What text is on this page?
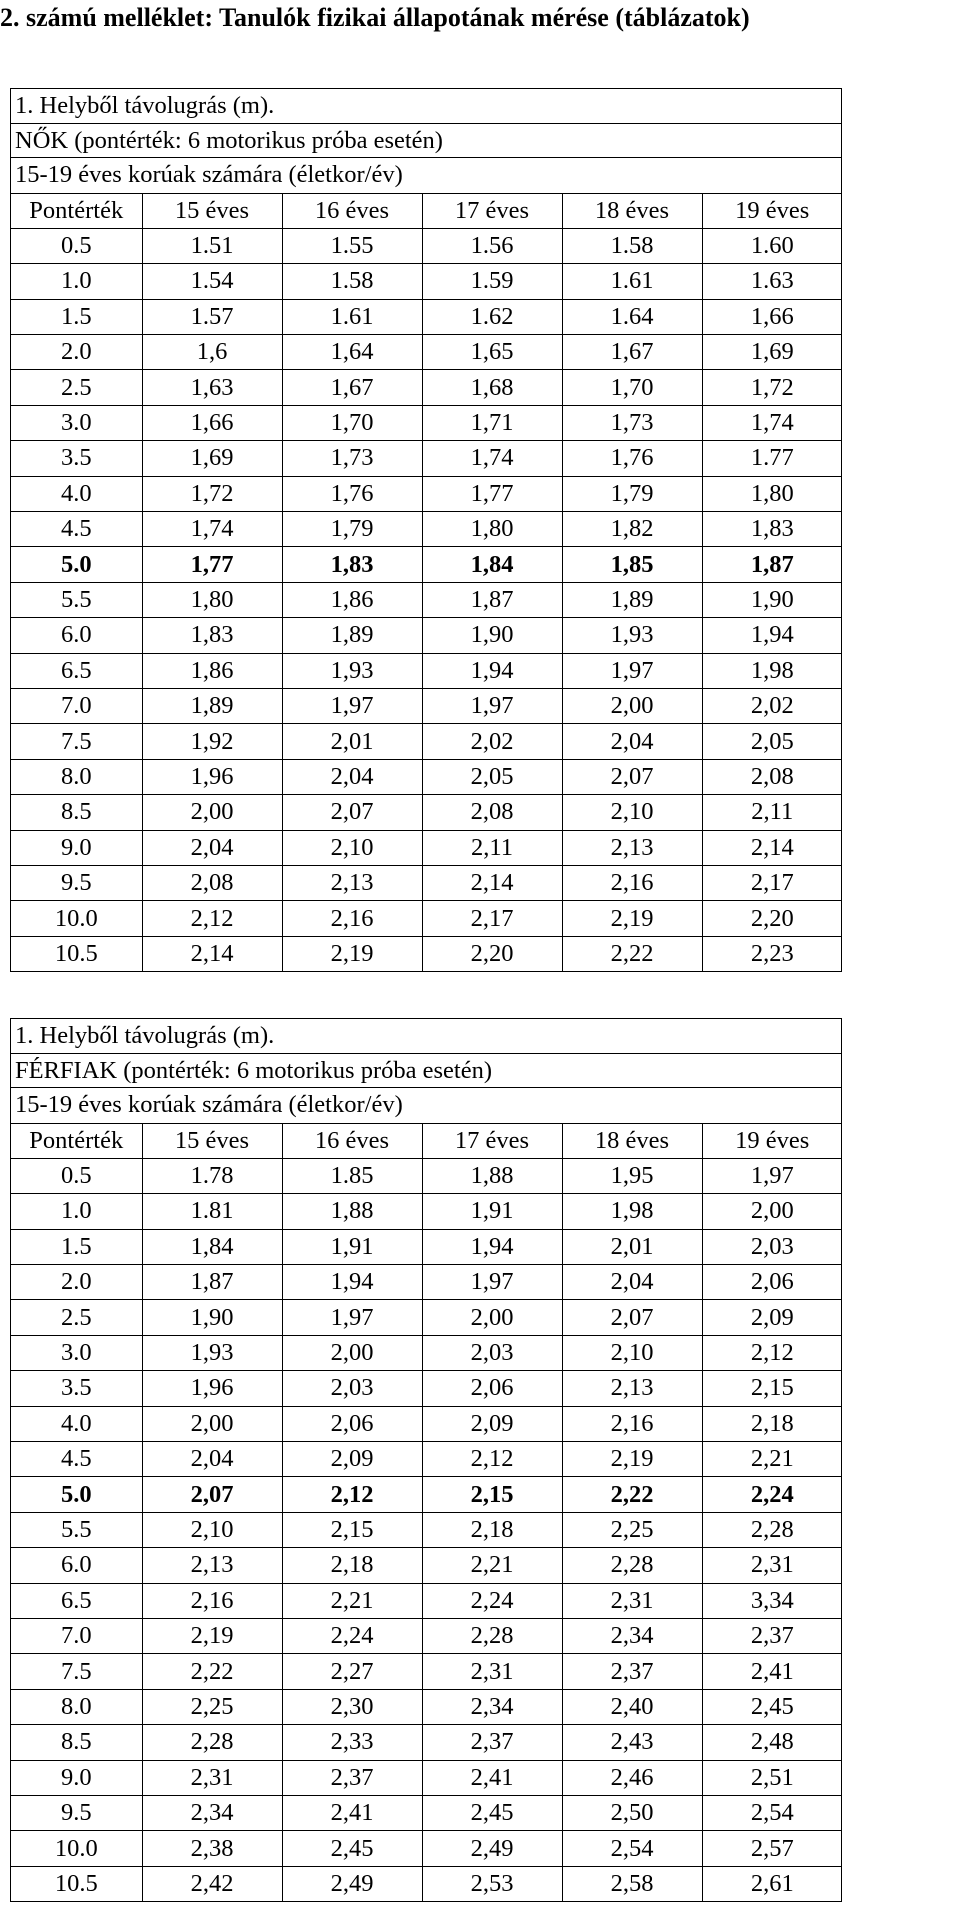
2. számú melléklet: Tanulók fizikai állapotának mérése (táblázatok)
1. Helyből távolugrás (m).
NŐK (pontérték: 6 motorikus próba esetén)
15-19 éves korúak számára (életkor/év)
Pontérték	15 éves	16 éves	17 éves	18 éves	19 éves
0.5	1.51	1.55	1.56	1.58	1.60
1.0	1.54	1.58	1.59	1.61	1.63
1.5	1.57	1.61	1.62	1.64	1,66
2.0	1,6	1,64	1,65	1,67	1,69
2.5	1,63	1,67	1,68	1,70	1,72
3.0	1,66	1,70	1,71	1,73	1,74
3.5	1,69	1,73	1,74	1,76	1.77
4.0	1,72	1,76	1,77	1,79	1,80
4.5	1,74	1,79	1,80	1,82	1,83
5.0	1,77	1,83	1,84	1,85	1,87
5.5	1,80	1,86	1,87	1,89	1,90
6.0	1,83	1,89	1,90	1,93	1,94
6.5	1,86	1,93	1,94	1,97	1,98
7.0	1,89	1,97	1,97	2,00	2,02
7.5	1,92	2,01	2,02	2,04	2,05
8.0	1,96	2,04	2,05	2,07	2,08
8.5	2,00	2,07	2,08	2,10	2,11
9.0	2,04	2,10	2,11	2,13	2,14
9.5	2,08	2,13	2,14	2,16	2,17
10.0	2,12	2,16	2,17	2,19	2,20
10.5	2,14	2,19	2,20	2,22	2,23
1. Helyből távolugrás (m).
FÉRFIAK (pontérték: 6 motorikus próba esetén)
15-19 éves korúak számára (életkor/év)
Pontérték	15 éves	16 éves	17 éves	18 éves	19 éves
0.5	1.78	1.85	1,88	1,95	1,97
1.0	1.81	1,88	1,91	1,98	2,00
1.5	1,84	1,91	1,94	2,01	2,03
2.0	1,87	1,94	1,97	2,04	2,06
2.5	1,90	1,97	2,00	2,07	2,09
3.0	1,93	2,00	2,03	2,10	2,12
3.5	1,96	2,03	2,06	2,13	2,15
4.0	2,00	2,06	2,09	2,16	2,18
4.5	2,04	2,09	2,12	2,19	2,21
5.0	2,07	2,12	2,15	2,22	2,24
5.5	2,10	2,15	2,18	2,25	2,28
6.0	2,13	2,18	2,21	2,28	2,31
6.5	2,16	2,21	2,24	2,31	3,34
7.0	2,19	2,24	2,28	2,34	2,37
7.5	2,22	2,27	2,31	2,37	2,41
8.0	2,25	2,30	2,34	2,40	2,45
8.5	2,28	2,33	2,37	2,43	2,48
9.0	2,31	2,37	2,41	2,46	2,51
9.5	2,34	2,41	2,45	2,50	2,54
10.0	2,38	2,45	2,49	2,54	2,57
10.5	2,42	2,49	2,53	2,58	2,61
